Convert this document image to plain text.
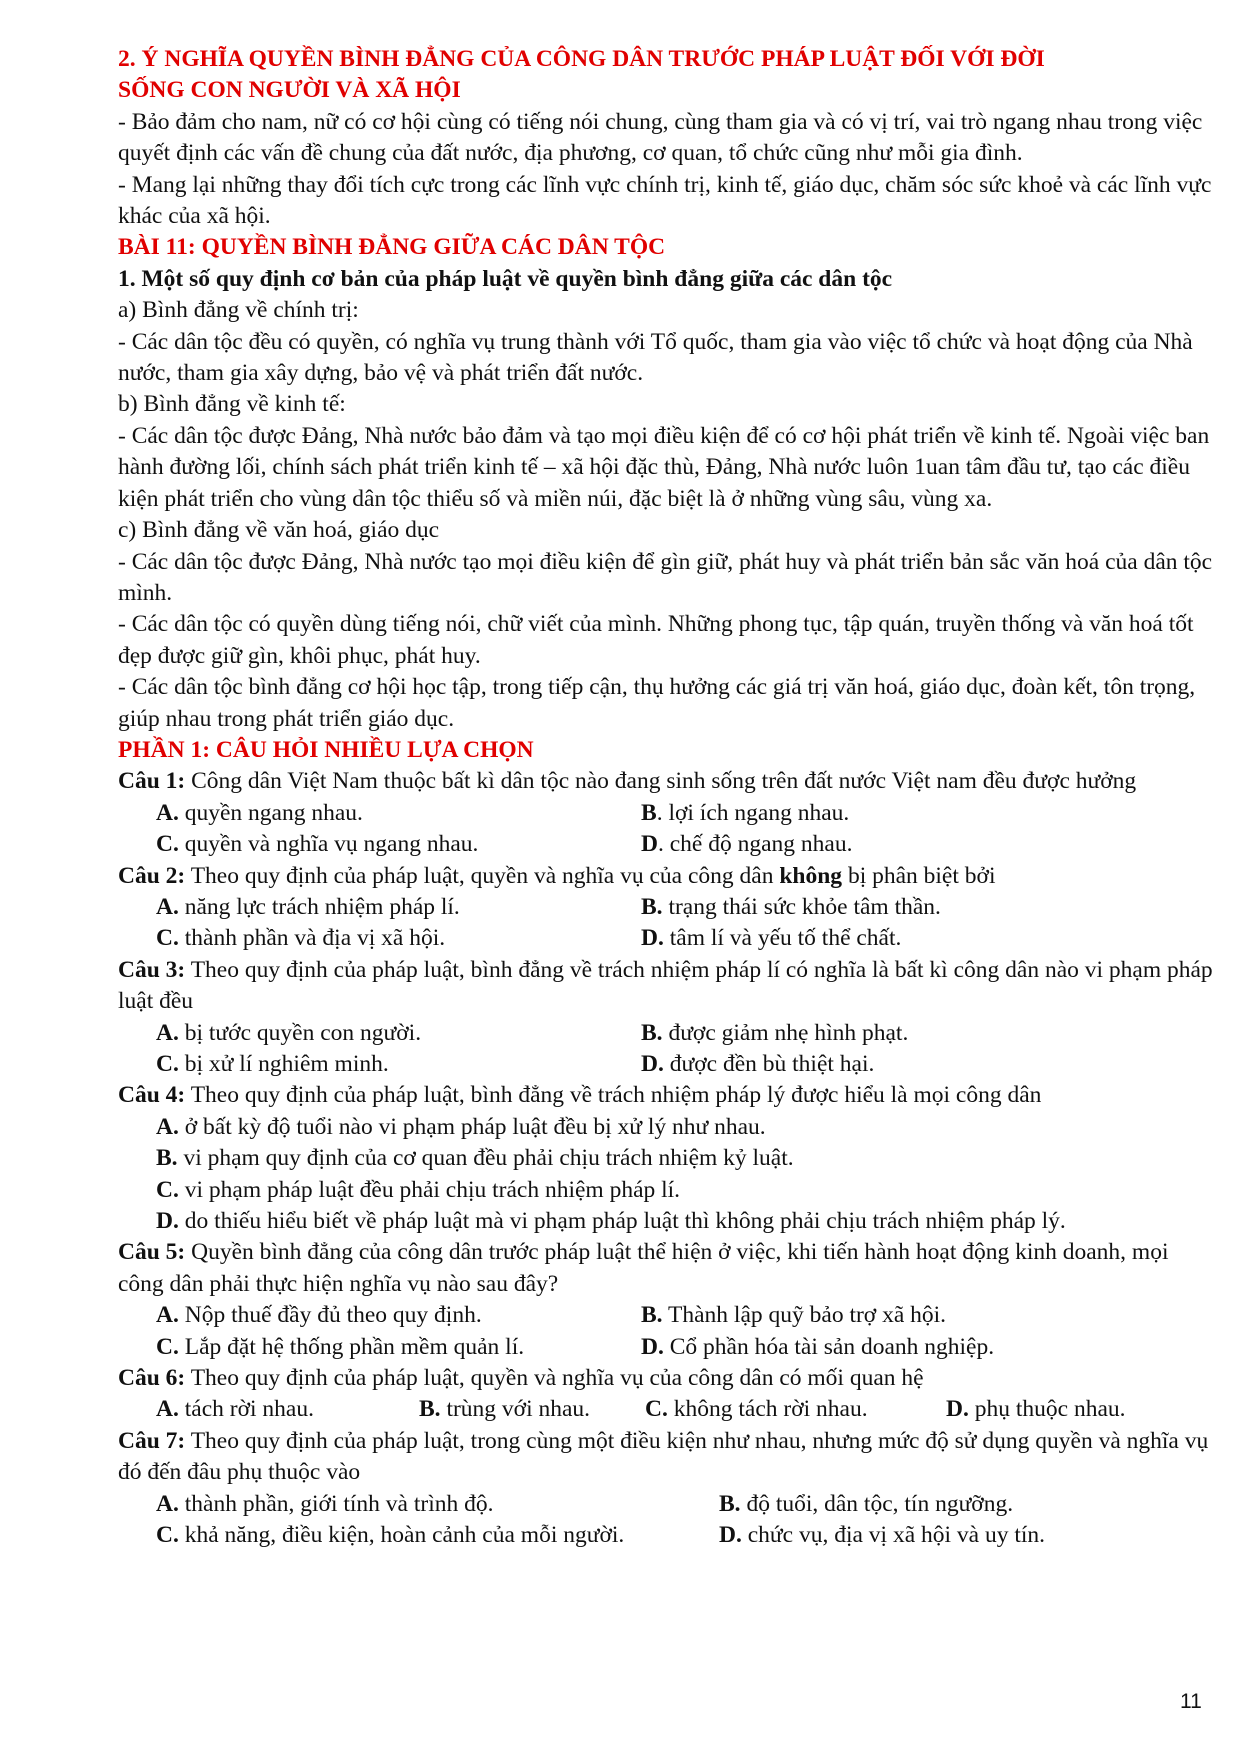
2. Ý NGHĨA QUYỀN BÌNH ĐẲNG CỦA CÔNG DÂN TRƯỚC PHÁP LUẬT ĐỐI VỚI ĐỜI

SỐNG CON NGƯỜI VÀ XÃ HỘI

- Bảo đảm cho nam, nữ có cơ hội cùng có tiếng nói chung, cùng tham gia và có vị trí, vai trò ngang nhau trong việc quyết định các vấn đề chung của đất nước, địa phương, cơ quan, tổ chức cũng như mỗi gia đình.

- Mang lại những thay đổi tích cực trong các lĩnh vực chính trị, kinh tế, giáo dục, chăm sóc sức khoẻ và các lĩnh vực khác của xã hội.

BÀI 11: QUYỀN BÌNH ĐẲNG GIỮA CÁC DÂN TỘC

1. Một số quy định cơ bản của pháp luật về quyền bình đẳng giữa các dân tộc

a) Bình đẳng về chính trị:

- Các dân tộc đều có quyền, có nghĩa vụ trung thành với Tổ quốc, tham gia vào việc tổ chức và hoạt động của Nhà nước, tham gia xây dựng, bảo vệ và phát triển đất nước.

b) Bình đẳng về kinh tế:

- Các dân tộc được Đảng, Nhà nước bảo đảm và tạo mọi điều kiện để có cơ hội phát triển về kinh tế. Ngoài việc ban hành đường lối, chính sách phát triển kinh tế – xã hội đặc thù, Đảng, Nhà nước luôn 1uan tâm đầu tư, tạo các điều kiện phát triển cho vùng dân tộc thiểu số và miền núi, đặc biệt là ở những vùng sâu, vùng xa.

c) Bình đẳng về văn hoá, giáo dục

- Các dân tộc được Đảng, Nhà nước tạo mọi điều kiện để gìn giữ, phát huy và phát triển bản sắc văn hoá của dân tộc mình.

- Các dân tộc có quyền dùng tiếng nói, chữ viết của mình. Những phong tục, tập quán, truyền thống và văn hoá tốt đẹp được giữ gìn, khôi phục, phát huy.

- Các dân tộc bình đẳng cơ hội học tập, trong tiếp cận, thụ hưởng các giá trị văn hoá, giáo dục, đoàn kết, tôn trọng, giúp nhau trong phát triển giáo dục.

PHẦN 1: CÂU HỎI NHIỀU LỰA CHỌN

Câu 1: Công dân Việt Nam thuộc bất kì dân tộc nào đang sinh sống trên đất nước Việt nam đều được hưởng

A. quyền ngang nhau.	B. lợi ích ngang nhau.
C. quyền và nghĩa vụ ngang nhau.	D. chế độ ngang nhau.

Câu 2: Theo quy định của pháp luật, quyền và nghĩa vụ của công dân không bị phân biệt bởi

A. năng lực trách nhiệm pháp lí.	B. trạng thái sức khỏe tâm thần.
C. thành phần và địa vị xã hội.	D. tâm lí và yếu tố thể chất.

Câu 3: Theo quy định của pháp luật, bình đẳng về trách nhiệm pháp lí có nghĩa là bất kì công dân nào vi phạm pháp luật đều

A. bị tước quyền con người.	B. được giảm nhẹ hình phạt.
C. bị xử lí nghiêm minh.	D. được đền bù thiệt hại.

Câu 4: Theo quy định của pháp luật, bình đẳng về trách nhiệm pháp lý được hiểu là mọi công dân

A. ở bất kỳ độ tuổi nào vi phạm pháp luật đều bị xử lý như nhau.
B. vi phạm quy định của cơ quan đều phải chịu trách nhiệm kỷ luật.
C. vi phạm pháp luật đều phải chịu trách nhiệm pháp lí.
D. do thiếu hiểu biết về pháp luật mà vi phạm pháp luật thì không phải chịu trách nhiệm pháp lý.

Câu 5: Quyền bình đẳng của công dân trước pháp luật thể hiện ở việc, khi tiến hành hoạt động kinh doanh, mọi công dân phải thực hiện nghĩa vụ nào sau đây?

A. Nộp thuế đầy đủ theo quy định.	B. Thành lập quỹ bảo trợ xã hội.
C. Lắp đặt hệ thống phần mềm quản lí.	D. Cổ phần hóa tài sản doanh nghiệp.

Câu 6: Theo quy định của pháp luật, quyền và nghĩa vụ của công dân có mối quan hệ

A. tách rời nhau.	B. trùng với nhau.	C. không tách rời nhau.	D. phụ thuộc nhau.

Câu 7: Theo quy định của pháp luật, trong cùng một điều kiện như nhau, nhưng mức độ sử dụng quyền và nghĩa vụ đó đến đâu phụ thuộc vào

A. thành phần, giới tính và trình độ.	B. độ tuổi, dân tộc, tín ngưỡng.
C. khả năng, điều kiện, hoàn cảnh của mỗi người.	D. chức vụ, địa vị xã hội và uy tín.
11
